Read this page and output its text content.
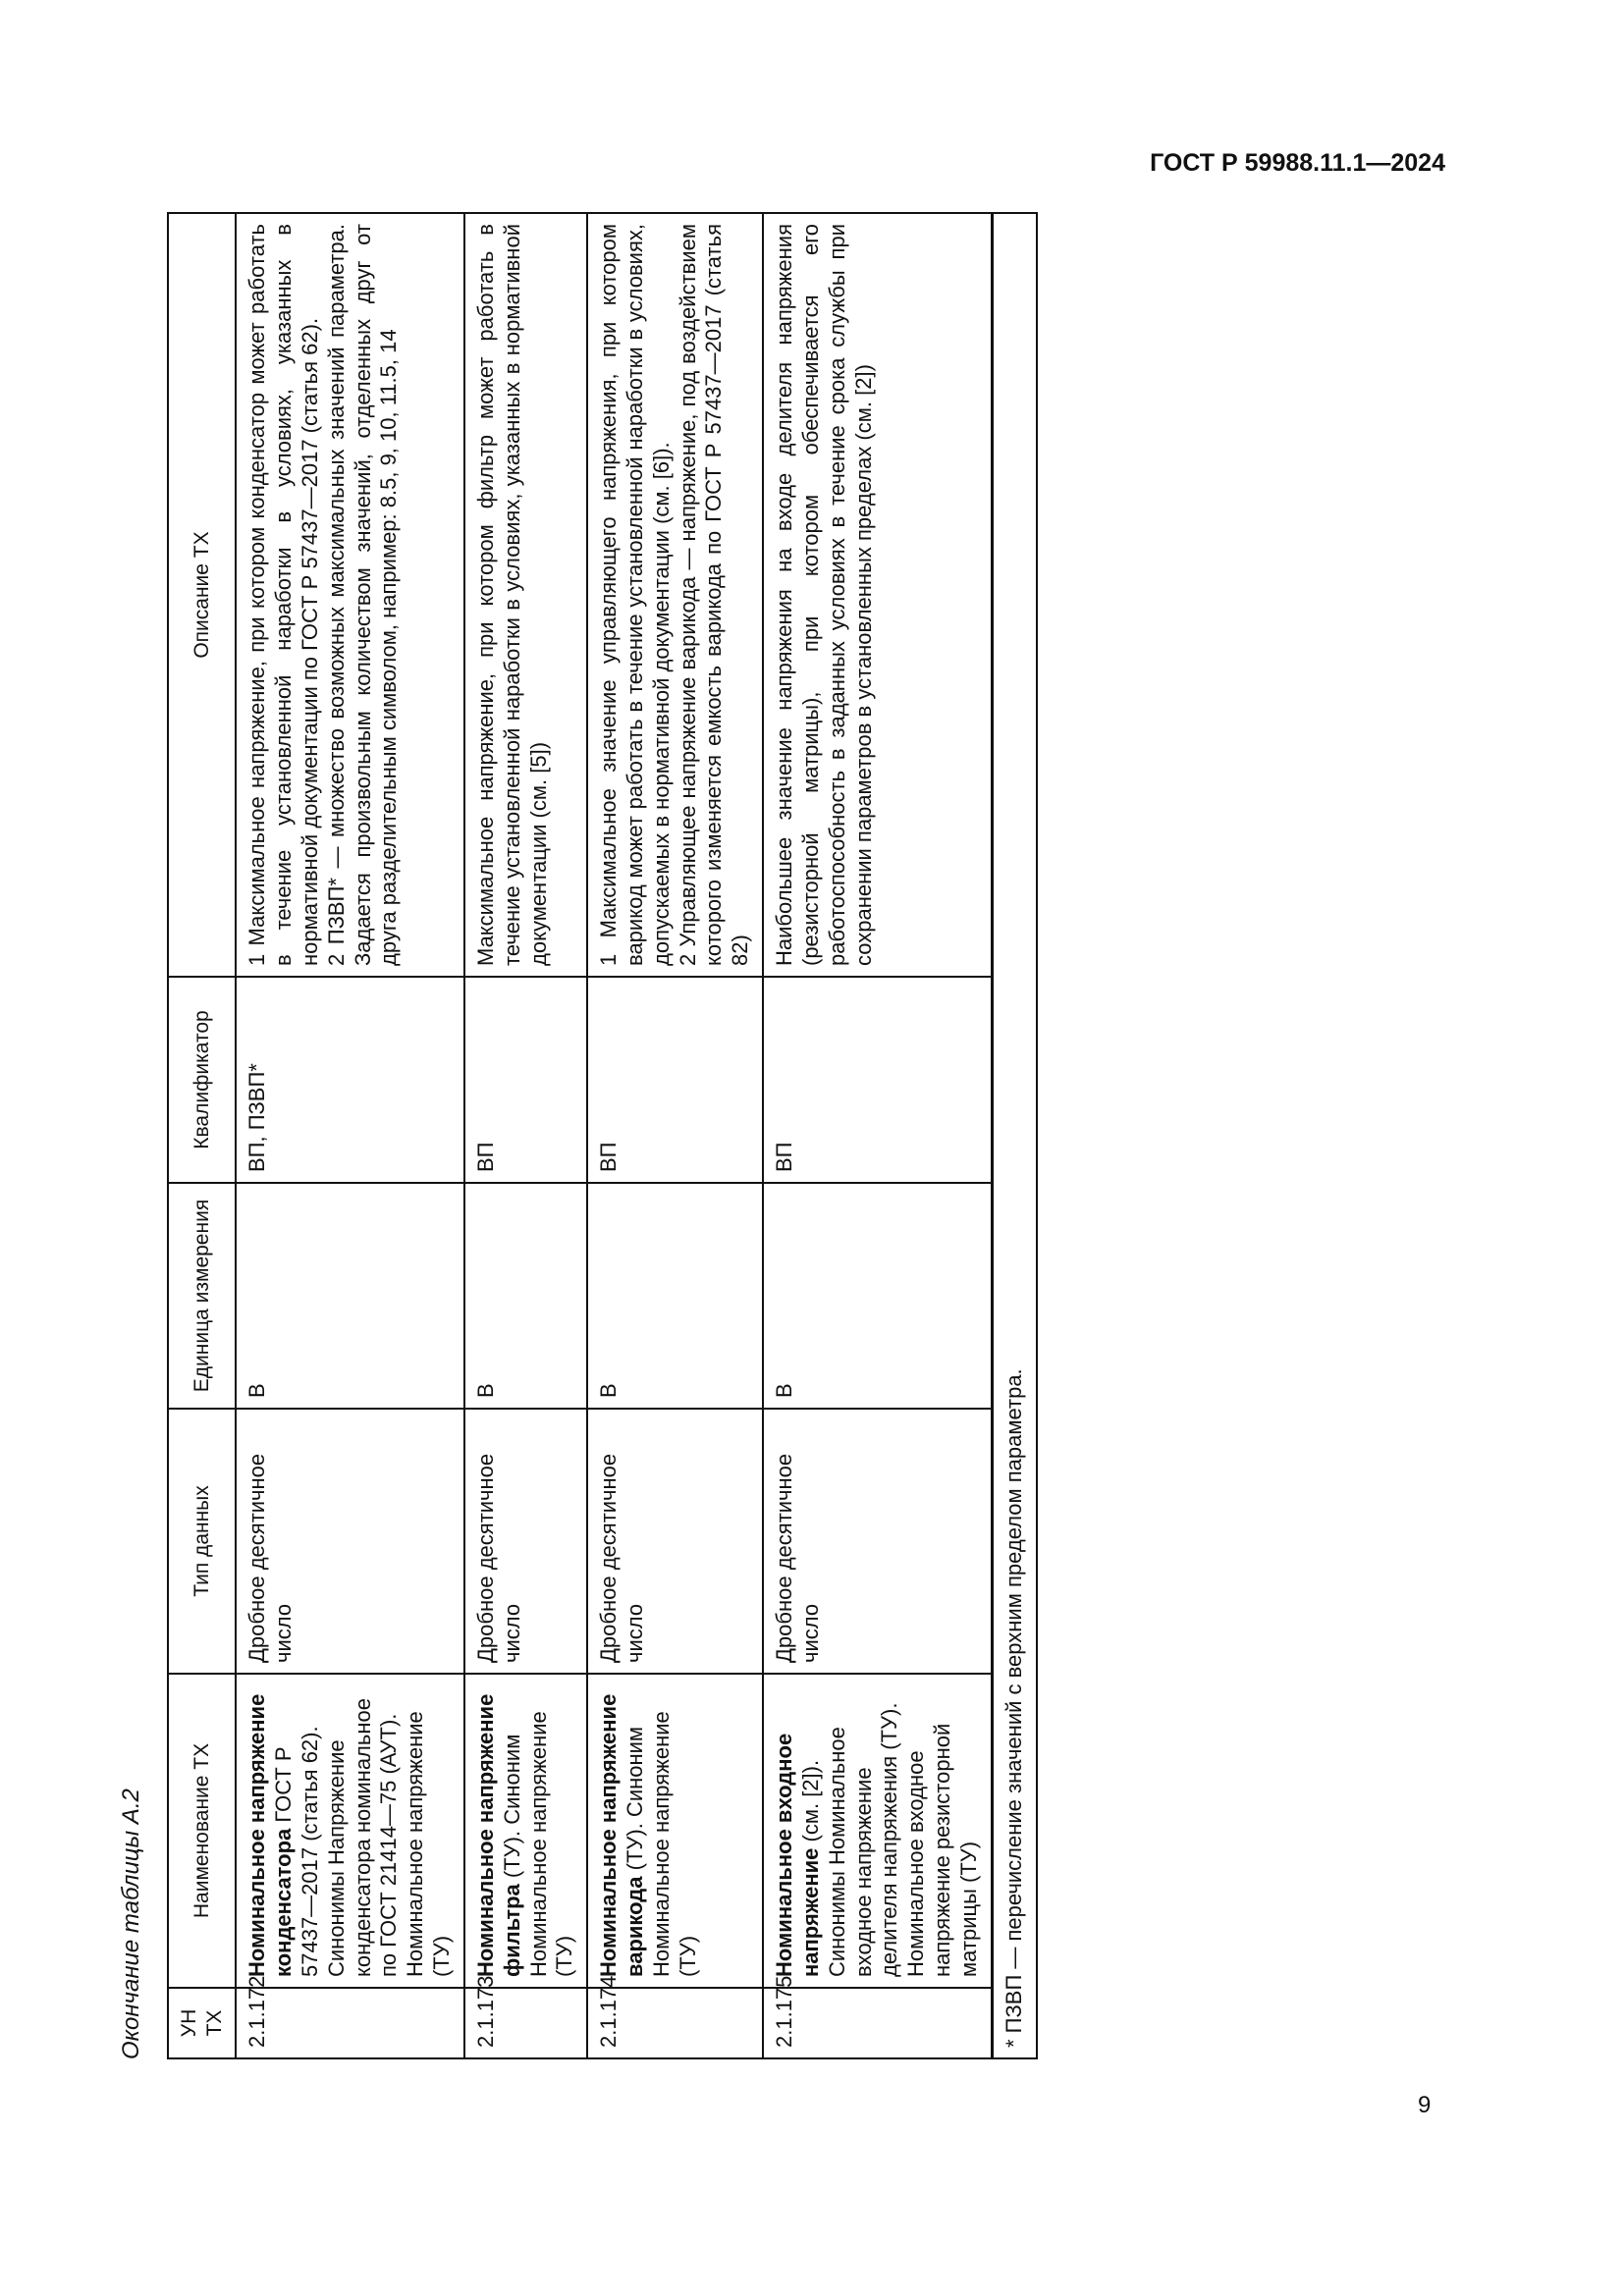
ГОСТ Р 59988.11.1—2024
Окончание таблицы А.2 УН ТХ	Наименование ТХ	Тип данных	Единица измерения	Квалификатор	Описание ТХ
2.1.172	Номинальное напряжение конденсатора ГОСТ Р 57437—2017 (статья 62). Синонимы Напряжение конденсатора номинальное по ГОСТ 21414—75 (АУТ). Номинальное напряжение (ТУ)	Дробное десятичное число	В	ВП, ПЗВП*	1 Максимальное напряжение, при котором конденсатор может работать в течение установленной наработки в условиях, указанных в нормативной документации по ГОСТ Р 57437—2017 (статья 62). 2 ПЗВП* — множество возможных максимальных значений параметра. Задается произвольным количеством значений, отделенных друг от друга разделительным символом, например: 8.5, 9, 10, 11.5, 14

2.1.173	Номинальное напряжение фильтра (ТУ). Синоним Номинальное напряжение (ТУ)	Дробное десятичное число	В	ВП	Максимальное напряжение, при котором фильтр может работать в течение установленной наработки в условиях, указанных в нормативной документации (см. [5])

2.1.174	Номинальное напряжение варикода (ТУ). Синоним Номинальное напряжение (ТУ)	Дробное десятичное число	В	ВП	1 Максимальное значение управляющего напряжения, при котором варикод может работать в течение установленной наработки в условиях, допускаемых в нормативной документации (см. [6]). 2 Управляющее напряжение варикода — напряжение, под воздействием которого изменяется емкость варикода по ГОСТ Р 57437—2017 (статья 82)

2.1.175	Номинальное входное напряжение (см. [2]). Синонимы Номинальное входное напряжение делителя напряжения (ТУ). Номинальное входное напряжение резисторной матрицы (ТУ)	Дробное десятичное число	В	ВП	Наибольшее значение напряжения на входе делителя напряжения (резисторной матрицы), при котором обеспечивается его работоспособность в заданных условиях в течение срока службы при сохранении параметров в установленных пределах (см. [2])

* ПЗВП — перечисление значений с верхним пределом параметра.					
9
